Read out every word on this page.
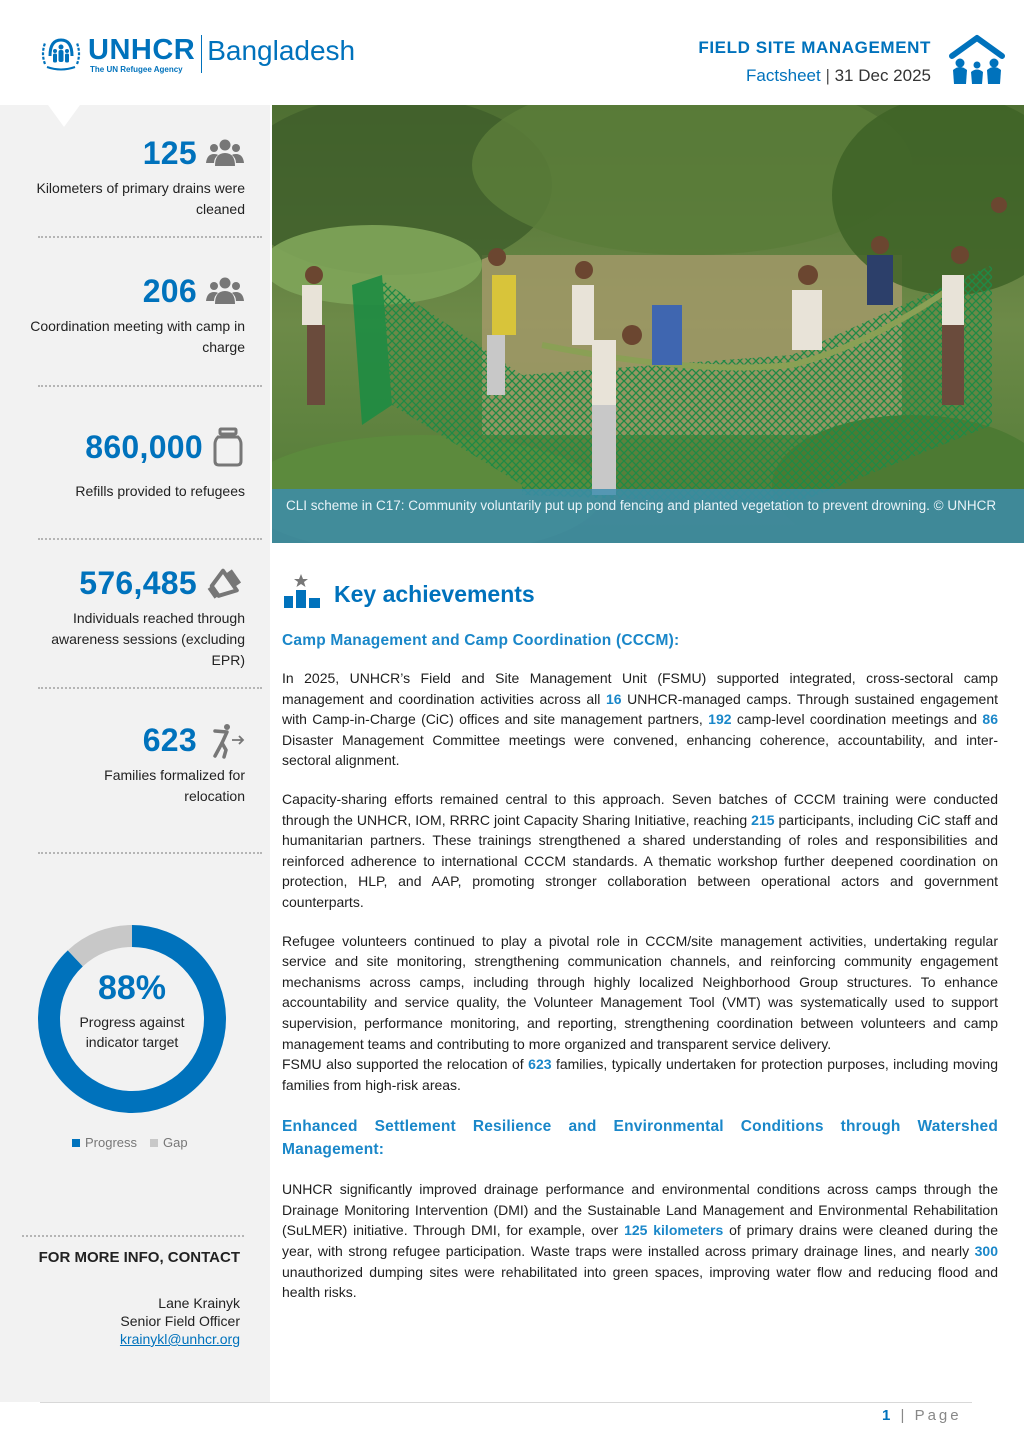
UNHCR
The UN Refugee Agency
Bangladesh	FIELD SITE MANAGEMENT
Factsheet | 31 Dec 2025
125
Kilometers of primary drains were cleaned
206
Coordination meeting with camp in charge
860,000
Refills provided to refugees
576,485
Individuals reached through awareness sessions (excluding EPR)
623
Families formalized for relocation
88%
Progress against indicator target
Progress Gap
FOR MORE INFO, CONTACT
Lane Krainyk
Senior Field Officer
krainykl@unhcr.org
CLI scheme in C17: Community voluntarily put up pond fencing and planted vegetation to prevent drowning. © UNHCR
Key achievements
Camp Management and Camp Coordination (CCCM):

In 2025, UNHCR’s Field and Site Management Unit (FSMU) supported integrated, cross-sectoral camp management and coordination activities across all 16 UNHCR-managed camps. Through sustained engagement with Camp-in-Charge (CiC) offices and site management partners, 192 camp-level coordination meetings and 86 Disaster Management Committee meetings were convened, enhancing coherence, accountability, and inter-sectoral alignment.

Capacity-sharing efforts remained central to this approach. Seven batches of CCCM training were conducted through the UNHCR, IOM, RRRC joint Capacity Sharing Initiative, reaching 215 participants, including CiC staff and humanitarian partners. These trainings strengthened a shared understanding of roles and responsibilities and reinforced adherence to international CCCM standards. A thematic workshop further deepened coordination on protection, HLP, and AAP, promoting stronger collaboration between operational actors and government counterparts.

Refugee volunteers continued to play a pivotal role in CCCM/site management activities, undertaking regular service and site monitoring, strengthening communication channels, and reinforcing community engagement mechanisms across camps, including through highly localized Neighborhood Group structures. To enhance accountability and service quality, the Volunteer Management Tool (VMT) was systematically used to support supervision, performance monitoring, and reporting, strengthening coordination between volunteers and camp management teams and contributing to more organized and transparent service delivery.

FSMU also supported the relocation of 623 families, typically undertaken for protection purposes, including moving families from high-risk areas.

Enhanced Settlement Resilience and Environmental Conditions through Watershed Management:

UNHCR significantly improved drainage performance and environmental conditions across camps through the Drainage Monitoring Intervention (DMI) and the Sustainable Land Management and Environmental Rehabilitation (SuLMER) initiative. Through DMI, for example, over 125 kilometers of primary drains were cleaned during the year, with strong refugee participation. Waste traps were installed across primary drainage lines, and nearly 300 unauthorized dumping sites were rehabilitated into green spaces, improving water flow and reducing flood and health risks.

1 | Page
